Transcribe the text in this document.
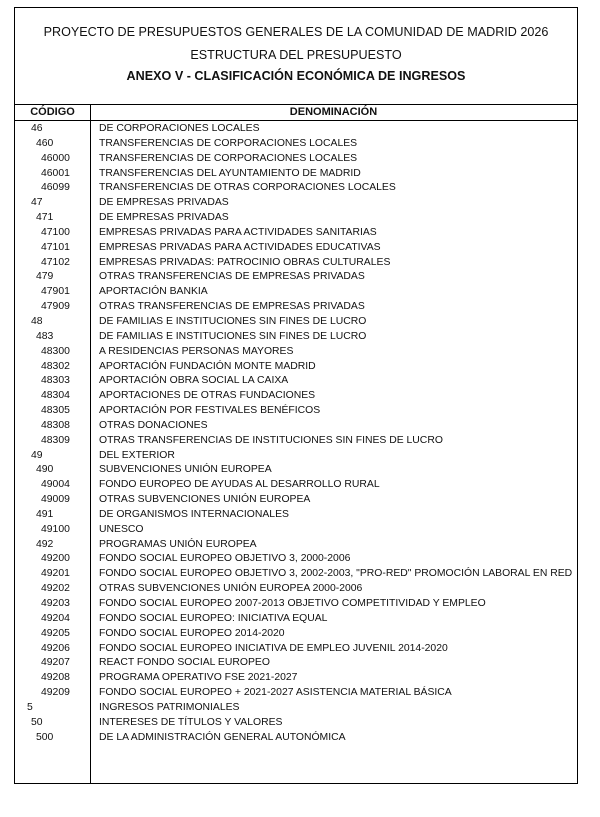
PROYECTO DE PRESUPUESTOS GENERALES DE LA COMUNIDAD DE MADRID 2026
ESTRUCTURA DEL PRESUPUESTO
ANEXO V - CLASIFICACIÓN ECONÓMICA DE INGRESOS
CÓDIGO	DENOMINACIÓN
46	DE CORPORACIONES LOCALES
460	TRANSFERENCIAS DE CORPORACIONES LOCALES
46000	TRANSFERENCIAS DE CORPORACIONES LOCALES
46001	TRANSFERENCIAS DEL AYUNTAMIENTO DE MADRID
46099	TRANSFERENCIAS DE OTRAS CORPORACIONES LOCALES
47	DE EMPRESAS PRIVADAS
471	DE EMPRESAS PRIVADAS
47100	EMPRESAS PRIVADAS PARA ACTIVIDADES SANITARIAS
47101	EMPRESAS PRIVADAS PARA ACTIVIDADES EDUCATIVAS
47102	EMPRESAS PRIVADAS: PATROCINIO OBRAS CULTURALES
479	OTRAS TRANSFERENCIAS DE EMPRESAS PRIVADAS
47901	APORTACIÓN BANKIA
47909	OTRAS TRANSFERENCIAS DE EMPRESAS PRIVADAS
48	DE FAMILIAS E INSTITUCIONES SIN FINES DE LUCRO
483	DE FAMILIAS E INSTITUCIONES SIN FINES DE LUCRO
48300	A RESIDENCIAS PERSONAS MAYORES
48302	APORTACIÓN FUNDACIÓN MONTE MADRID
48303	APORTACIÓN OBRA SOCIAL LA CAIXA
48304	APORTACIONES DE OTRAS FUNDACIONES
48305	APORTACIÓN POR FESTIVALES BENÉFICOS
48308	OTRAS DONACIONES
48309	OTRAS TRANSFERENCIAS DE INSTITUCIONES SIN FINES DE LUCRO
49	DEL EXTERIOR
490	SUBVENCIONES UNIÓN EUROPEA
49004	FONDO EUROPEO DE AYUDAS AL DESARROLLO RURAL
49009	OTRAS SUBVENCIONES UNIÓN EUROPEA
491	DE ORGANISMOS INTERNACIONALES
49100	UNESCO
492	PROGRAMAS UNIÓN EUROPEA
49200	FONDO SOCIAL EUROPEO OBJETIVO 3, 2000-2006
49201	FONDO SOCIAL EUROPEO OBJETIVO 3, 2002-2003, "PRO-RED" PROMOCIÓN LABORAL EN RED
49202	OTRAS SUBVENCIONES UNIÓN EUROPEA 2000-2006
49203	FONDO SOCIAL EUROPEO 2007-2013 OBJETIVO COMPETITIVIDAD Y EMPLEO
49204	FONDO SOCIAL EUROPEO: INICIATIVA EQUAL
49205	FONDO SOCIAL EUROPEO 2014-2020
49206	FONDO SOCIAL EUROPEO INICIATIVA DE EMPLEO JUVENIL 2014-2020
49207	REACT FONDO SOCIAL EUROPEO
49208	PROGRAMA OPERATIVO FSE 2021-2027
49209	FONDO SOCIAL EUROPEO + 2021-2027 ASISTENCIA MATERIAL BÁSICA
5	INGRESOS PATRIMONIALES
50	INTERESES DE TÍTULOS Y VALORES
500	DE LA ADMINISTRACIÓN GENERAL AUTONÓMICA
